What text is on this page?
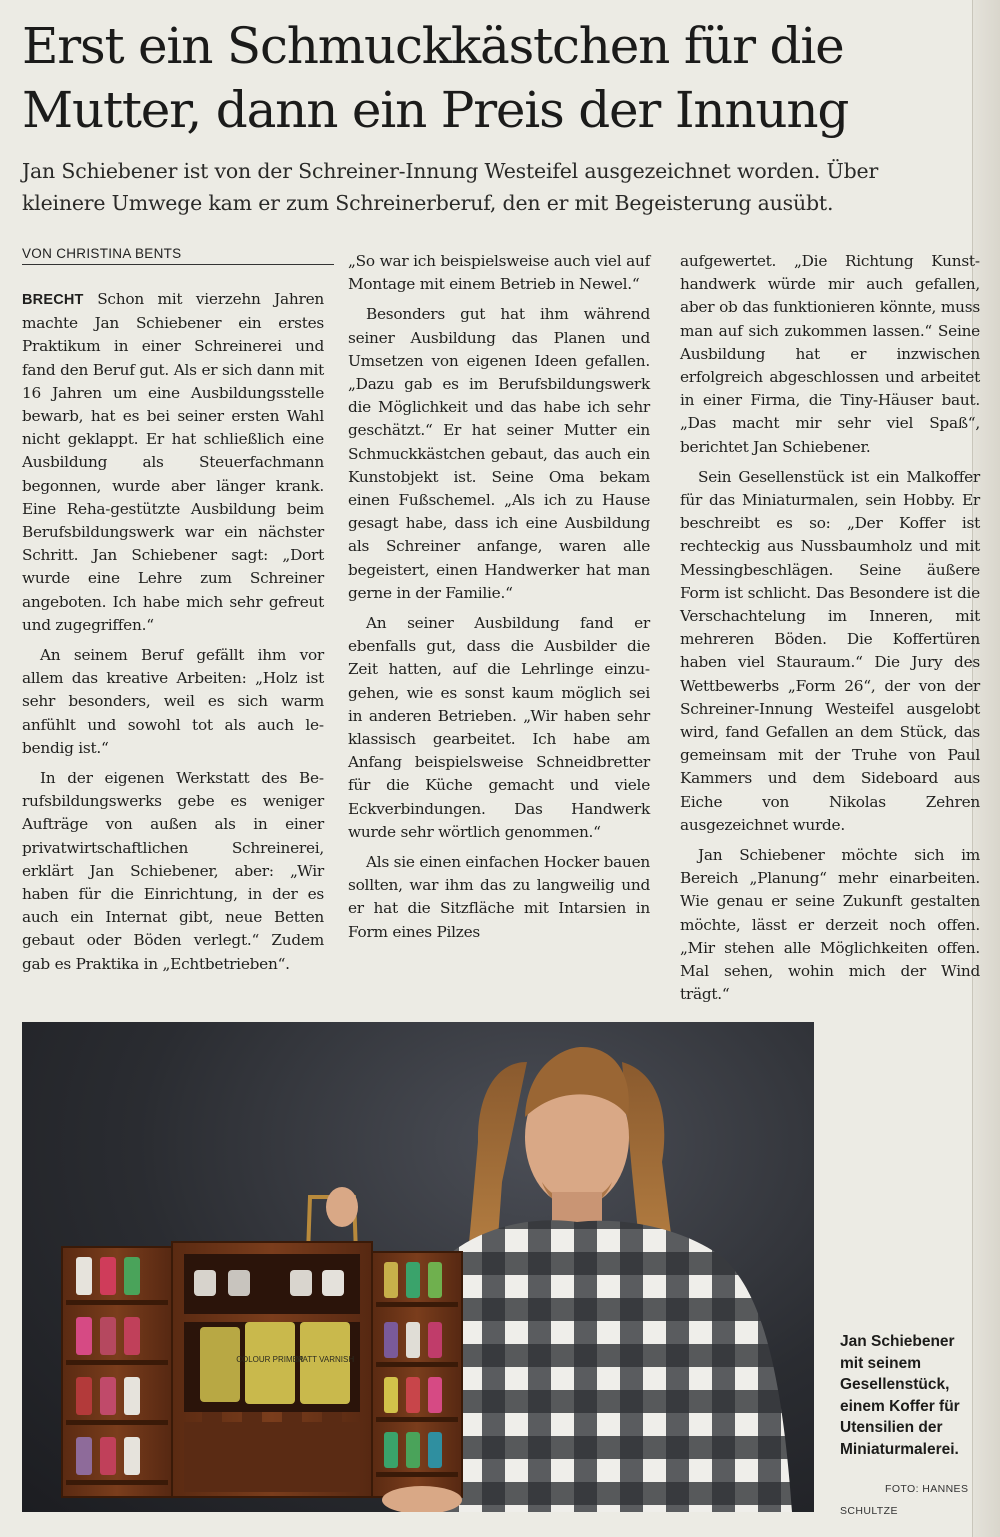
Erst ein Schmuckkästchen für die
Mutter, dann ein Preis der Innung
Jan Schiebener ist von der Schreiner-Innung Westeifel ausgezeichnet worden. Über
kleinere Umwege kam er zum Schreinerberuf, den er mit Begeisterung ausübt.
VON CHRISTINA BENTS

BRECHT Schon mit vierzehn Jahren machte Jan Schiebener ein erstes Praktikum in einer Schreinerei und fand den Beruf gut. Als er sich dann mit 16 Jahren um eine Ausbildungsstelle bewarb, hat es bei seiner ersten Wahl nicht geklappt. Er hat schließlich eine Ausbildung als Steuerfachmann begonnen, wurde aber länger krank. Eine Reha-gestützte Ausbildung beim Berufsbildungswerk war ein nächster Schritt. Jan Schiebener sagt: „Dort wurde eine Lehre zum Schreiner angeboten. Ich habe mich sehr gefreut und zugegriffen.“

An seinem Beruf gefällt ihm vor allem das kreative Arbeiten: „Holz ist sehr besonders, weil es sich warm anfühlt und sowohl tot als auch lebendig ist.“

In der eigenen Werkstatt des Berufsbildungswerks gebe es weniger Aufträge von außen als in einer privatwirtschaftlichen Schreinerei, erklärt Jan Schiebener, aber: „Wir haben für die Einrichtung, in der es auch ein Internat gibt, neue Betten gebaut oder Böden verlegt.“ Zudem gab es Praktika in „Echtbetrieben“.

„So war ich beispielsweise auch viel auf Montage mit einem Betrieb in Newel.“

Besonders gut hat ihm während seiner Ausbildung das Planen und Umsetzen von eigenen Ideen gefallen. „Dazu gab es im Berufsbildungswerk die Möglichkeit und das habe ich sehr geschätzt.“ Er hat seiner Mutter ein Schmuckkästchen gebaut, das auch ein Kunstobjekt ist. Seine Oma bekam einen Fußschemel. „Als ich zu Hause gesagt habe, dass ich eine Ausbildung als Schreiner anfange, waren alle begeistert, einen Handwerker hat man gerne in der Familie.“

An seiner Ausbildung fand er ebenfalls gut, dass die Ausbilder die Zeit hatten, auf die Lehrlinge einzugehen, wie es sonst kaum möglich sei in anderen Betrieben. „Wir haben sehr klassisch gearbeitet. Ich habe am Anfang beispielsweise Schneidbretter für die Küche gemacht und viele Eckverbindungen. Das Handwerk wurde sehr wörtlich genommen.“

Als sie einen einfachen Hocker bauen sollten, war ihm das zu langweilig und er hat die Sitzfläche mit Intarsien in Form eines Pilzes

aufgewertet. „Die Richtung Kunsthandwerk würde mir auch gefallen, aber ob das funktionieren könnte, muss man auf sich zukommen lassen.“ Seine Ausbildung hat er inzwischen erfolgreich abgeschlossen und arbeitet in einer Firma, die Tiny-Häuser baut. „Das macht mir sehr viel Spaß“, berichtet Jan Schiebener.

Sein Gesellenstück ist ein Malkoffer für das Miniaturmalen, sein Hobby. Er beschreibt es so: „Der Koffer ist rechteckig aus Nussbaumholz und mit Messingbeschlägen. Seine äußere Form ist schlicht. Das Besondere ist die Verschachtelung im Inneren, mit mehreren Böden. Die Koffertüren haben viel Stauraum.“ Die Jury des Wettbewerbs „Form 26“, der von der Schreiner-Innung Westeifel ausgelobt wird, fand Gefallen an dem Stück, das gemeinsam mit der Truhe von Paul Kammers und dem Sideboard aus Eiche von Nikolas Zehren ausgezeichnet wurde.

Jan Schiebener möchte sich im Bereich „Planung“ mehr einarbeiten. Wie genau er seine Zukunft gestalten möchte, lässt er derzeit noch offen. „Mir stehen alle Möglichkeiten offen. Mal sehen, wohin mich der Wind trägt.“

COLOUR PRIMER
MATT VARNISH
Jan Schiebener mit seinem Gesellenstück, einem Koffer für Utensilien der Miniaturmalerei.
FOTO: HANNES
SCHULTZE
